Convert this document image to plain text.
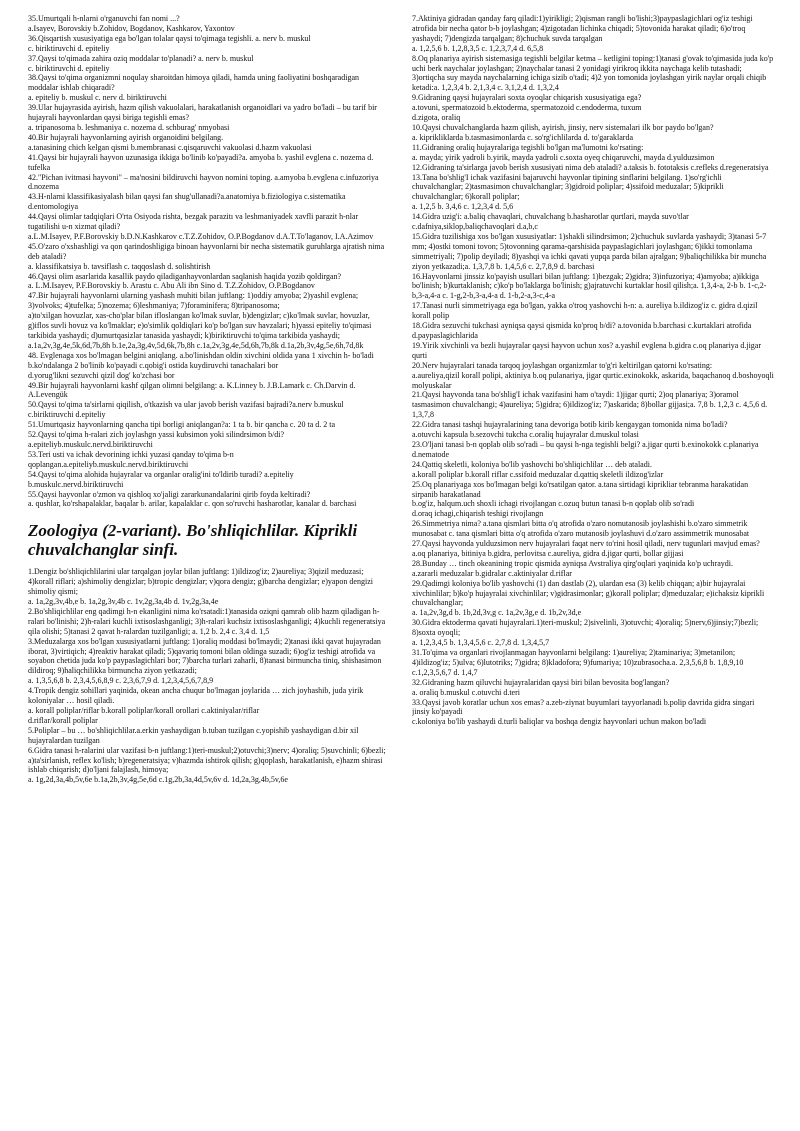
35.Umurtqali h-nlarni o'rganuvchi fan nomi ...?

a.Isayev, Borovskiy b.Zohidov, Bogdanov, Kashkarov, Yaxontov

36.Qisqartish xususiyatiga ega bo'lgan tolalar qaysi to'qimaga tegishli. a. nerv b. muskul

c. biriktiruvchi d. epiteliy

37.Qaysi to'qimada zahira oziq moddalar to'planadi? a. nerv b. muskul

c. biriktiruvchi d. epiteliy

38.Qaysi to'qima organizmni noqulay sharoitdan himoya qiladi, hamda uning faoliyatini boshqaradigan moddalar ishlab chiqaradi?

a. epiteliy b. muskul c. nerv d. biriktiruvchi

39.Ular hujayrasida ayirish, hazm qilish vakuolalari, harakatlanish organoidlari va yadro bo'ladi – bu tarif bir hujayrali hayvonlardan qaysi biriga tegishli emas?

a. tripanosoma b. leshmaniya c. nozema d. schburag' nmyobasi

40.Bir hujayrali hayvonlarning ayirish organoidini belgilang.

a.tanasining chich kelgan qismi b.membranasi c.qisqaruvchi vakuolasi d.hazm vakuolasi

41.Qaysi bir hujayrali hayvon uzunasiga ikkiga bo'linib ko'payadi?a. amyoba b. yashil evglena c. nozema d. tufelka

42."Pichan ivitmasi hayvoni" – ma'nosini bildiruvchi hayvon nomini toping. a.amyoba b.evglena c.infuzoriya d.nozema

43.H-nlarni klassifikasiyalash bilan qaysi fan shug'ullanadi?a.anatomiya b.fiziologiya c.sistematika d.entomologiya

44.Qaysi olimlar tadqiqlari O'rta Osiyoda rishta, bezgak parazitı va leshmaniyadek xavfli parazit h-nlar tugatilishi u-n xizmat qiladi?

a.L.M.Isayev, P.F.Borovskiy b.D.N.Kashkarov c.T.Z.Zohidov, O.P.Bogdanov d.A.T.To'laganov, I.A.Azimov

45.O'zaro o'xshashligi va qon qarindoshligiga binoan hayvonlarni bir necha sistematik guruhlarga ajratish nima deb ataladi?

a. klassifikatsiya b. tavsiflash c. taqqoslash d. solishtirish

46.Qaysi olim asarlarida kasallik paydo qiladiganhayvonlardan saqlanish haqida yozib qoldirgan?

a. L.M.Isayev, P.F.Borovskiy b. Arastu c. Abu Ali ibn Sino d. T.Z.Zohidov, O.P.Bogdanov

47.Bir hujayrali hayvonlarni ularning yashash muhiti bilan juftlang: 1)oddiy amyoba; 2)yashil evglena; 3)volvoks; 4)tufelka; 5)nozema; 6)leshmaniya; 7)foraminifera; 8)tripanosoma;

a)to'xilgan hovuzlar, xas-cho'plar bilan ifloslangan ko'lmak suvlar, b)dengizlar; c)ko'lmak suvlar, hovuzlar, g)iflos suvli hovuz va ko'lmaklar; e)o'simlik qoldiqlari ko'p bo'lgan suv havzalari; h)yassi epiteliy to'qimasi tarkibida yashaydi; d)umurtqasizlar tanasida yashaydi; k)biriktiruvchi to'qima tarkibida yashaydi;

a.1a,2v,3g,4e,5k,6d,7b,8h b.1e,2a,3g,4v,5d,6k,7b,8h c.1a,2v,3g,4e,5d,6h,7b,8k d.1a,2b,3v,4g,5e,6h,7d,8k

48. Evglenaga xos bo'lmagan belgini aniqlang. a.bo'linishdan oldin xivchini oldida yana 1 xivchin h- bo'ladi

b.ko'ndalanga 2 bo'linib ko'payadi c.qobig'i ostida kuydiruvchi tanachalari bor

d.yorug'likni sezuvchi qizil dog' ko'zchasi bor

49.Bir hujayrali hayvonlarni kashf qilgan olimni belgilang: a. K.Linney b. J.B.Lamark c. Ch.Darvin d. A.Levengük

50.Qaysi to'qima ta'sirlarni qiqilish, o'tkazish va ular javob berish vazifasi bajradi?a.nerv b.muskul c.biriktiruvchi d.epiteliy

51.Umurtqasiz hayvonlarning qancha tipi borligi aniqlangan?a: 1 ta b. bir qancha c. 20 ta d. 2 ta

52.Qaysi to'qima h-ralari zich joylashgn yassi kubsimon yoki silindrsimon b/di?

a.epiteliyb.muskulc.nervd.biriktiruvchi

53.Teri usti va ichak devorining ichki yuzasi qanday to'qima b-n

qoplangan.a.epiteliyb.muskulc.nervd.biriktiruvchi

54.Qaysi to'qima alohida hujayralar va organlar oralig'ini to'ldirib turadi? a.epiteliy

b.muskulc.nervd.biriktiruvchi

55.Qaysi hayvonlar o'zmon va qishloq xo'jaligi zararkunandalarini qirib foyda keltiradi?

a. qushlar, ko'rshapalaklar, baqalar b. arilar, kapalaklar c. qon so'ruvchi hasharotlar, kanalar d. barchasi

Zoologiya (2-variant). Bo'shliqichlilar. Kiprikli chuvalchanglar sinfi.

1.Dengiz bo'shliqichlilarini ular tarqalgan joylar bilan juftlang: 1)ildizog'iz; 2)aureliya; 3)qizil meduzasi; 4)korall riflari; a)shimoliy dengizlar; b)tropic dengizlar; v)qora dengiz; g)barcha dengizlar; e)yapon dengizi shimoliy qismi;

a. 1a,2g,3v,4b,e b. 1a,2g,3v,4b c. 1v,2g,3a,4b d. 1v,2g,3a,4e

2.Bo'shliqichlilar eng qadimgi h-n ekanligini nima ko'rsatadi:1)tanasida oziqni qamrab olib hazm qiladigan h-ralari bo'linishi; 2)h-ralari kuchli ixtisoslashganligi; 3)h-ralari kuchsiz ixtisoslashganligi; 4)kuchli regeneratsiya qila olishi; 5)tanasi 2 qavat h-ralardan tuzilganligi; a. 1,2 b. 2,4 c. 3,4 d. 1,5

3.Meduzalarga xos bo'lgan xususiyatlarni juftlang: 1)oraliq moddasi bo'lmaydi; 2)tanasi ikki qavat hujayradan iborat, 3)virtiqich; 4)reaktiv harakat qiladi; 5)qavariq tomoni bilan oldinga suzadi; 6)og'iz teshigi atrofida va soyabon chetida juda ko'p paypaslagichlari bor; 7)barcha turlari zaharli, 8)tanasi birmuncha tiniq, shishasimon dildiroq; 9)haliqchilikka birmuncha ziyon yetkazadi;

a. 1,3,5,6,8 b. 2,3,4,5,6,8,9 c. 2,3,6,7,9 d. 1,2,3,4,5,6,7,8,9

4.Tropik dengiz sohillari yaqinida, okean ancha chuqur bo'lmagan joylarida … zich joyhashib, juda yirik koloniyalar … hosil qiladi.

a. korall poliplar/riflar b.korall poliplar/korall orollari c.aktiniyalar/riflar

d.riflar/korall poliplar

5.Poliplar – bu … bo'shliqichlilar.a.erkin yashaydigan b.tuban tuzilgan c.yopishib yashaydigan d.bir xil hujayralardan tuzilgan

6.Gidra tanasi h-ralarini ular vazifasi b-n juftlang:1)teri-muskul;2)otuvchi;3)nerv; 4)oraliq; 5)suvchinli; 6)bezli; a)ta'sirlanish, reflex ko'lish; b)regeneratsiya; v)hazmda ishtirok qilish; g)qoplash, harakatlanish, e)hazm shirasi ishlab chiqarish; d)o'ljani falajlash, himoya;

a. 1g,2d,3a,4b,5v,6e b.1a,2b,3v,4g,5e,6d c.1g,2b,3a,4d,5v,6v d. 1d,2a,3g,4b,5v,6e

7.Aktiniya gidradan qanday farq qiladi:1)yirikligi; 2)qisman rangli bo'lishi;3)paypaslagichlari og'iz teshigi atrofida bir necha qator b-b joylashgan; 4)zigotadan lichinka chiqadi; 5)tovonida harakat qiladi; 6)o'troq yashaydi; 7)dengizda tarqalgan; 8)chuchuk suvda tarqalgan

a. 1,2,5,6 b. 1,2,8,3,5 c. 1,2,3,7,4 d. 6,5,8

8.Oq planariya ayirish sistemasiga tegishli belgilar ketma – ketligini toping:1)tanasi g'ovak to'qimasida juda ko'p uchi berk naychalar joylashgan; 2)naychalar tanasi 2 yonidagi yirikroq ikkita naychaga kelib tutashadi; 3)ortiqcha suy mayda naychalarning ichiga sizib o'tadi; 4)2 yon tomonida joylashgan yirik naylar orqali chiqib ketadi:a. 1,2,3,4 b. 2,1,3,4 c. 3,1,2,4 d. 1,3,2,4

9.Gidraning qaysi hujayralari soxta oyoqlar chiqarish xususiyatiga ega?

a.tovuni, spermatozoid b.ektoderma, spermatozoid c.endoderma, tuxum

d.zigota, oraliq

10.Qaysi chuvalchanglarda hazm qilish, ayirish, jinsiy, nerv sistemalari ilk bor paydo bo'lgan?

a. kiprikliklarda b.tasmasimonlarda c. so'rg'ichlilarda d. to'garaklarda

11.Gidraning oraliq hujayralariga tegishli bo'lgan ma'lumotni ko'rsating:

a. mayda; yirik yadroli b.yirik, mayda yadroli c.soxta oyeq chiqaruvchi, mayda d.yulduzsimon

12.Gidraning ta'sirlarga javob berish xususiyati nima deb ataladi? a.taksis b. fototaksis c.refleks d.regeneratsiya

13.Tana bo'shlig'I ichak vazifasini bajaruvchi hayvonlar tipining sinflarini belgilang. 1)so'rg'ichli chuvalchanglar; 2)tasmasimon chuvalchanglar; 3)gidroid poliplar; 4)ssifoid meduzalar; 5)kiprikli chuvalchanglar; 6)korall poliplar;

a. 1,2,5 b. 3,4,6 c. 1,2,3,4 d. 5,6

14.Gidra uzig'i: a.baliq chavaqlari, chuvalchang b.hasharotlar qurtlari, mayda suvo'tlar c.dafniya,siklop,baliqchavoqlari d.a,b,c

15.Gidra tuzilishiga xos bo'lgan xususiyatlar: 1)shakli silindrsimon; 2)chuchuk suvlarda yashaydi; 3)tanasi 5-7 mm; 4)ostki tomoni tovon; 5)tovonning qarama-qarshisida paypaslagichlari joylashgan; 6)ikki tomonlama simmetriyali; 7)polip deyiladi; 8)yashqi va ichki qavati yupqa parda bilan ajralgan; 9)baliqchilikka bir muncha ziyon yetkazadi;a. 1,3,7,8 b. 1,4,5,6 c. 2,7,8,9 d. barchasi

16.Hayvonlarni jinssiz ko'payish usullari bilan juftlang: 1)bezgak; 2)gidra; 3)infuzoriya; 4)amyoba; a)ikkiga bo'linish; b)kurtaklanish; c)ko'p bo'laklarga bo'linish; g)ajratuvchi kurtaklar hosil qilish;a. 1,3,4-a, 2-b b. 1-c,2-b,3-a,4-a c. 1-g,2-b,3-a,4-a d. 1-b,2-a,3-c,4-a

17.Tanasi nurli simmetriyaga ega bo'lgan, yakka o'troq yashovchi h-n: a. aureliya b.ildizog'iz c. gidra d.qizil korall polip

18.Gidra sezuvchi tukchasi ayniqsa qaysi qismida ko'proq b/di? a.tovonida b.barchasi c.kurtaklari atrofida d.paypaslagichlarida

19.Yirik xivchinli va bezli hujayralar qaysi hayvon uchun xos? a.yashil evglena b.gidra c.oq planariya d.jigar qurti

20.Nerv hujayralari tanada tarqoq joylashgan organizmlar to'g'ri keltirilgan qatorni ko'rsating:

a.aureliya,qizil korall polipi, aktiniya b.oq pulanariya, jigar qurtic.exinokokk, askarida, baqachanoq d.boshoyoqli molyuskalar

21.Qaysi hayvonda tana bo'shlig'I ichak vazifasini ham o'taydi: 1)jigar qurti; 2)oq planariya; 3)oramol tasmasimon chuvalchangi; 4)aureliya; 5)gidra; 6)ildizog'iz; 7)askarida; 8)bollar gijjasi;a. 7,8 b. 1,2,3 c. 4,5,6 d. 1,3,7,8

22.Gidra tanasi tashqi hujayralarining tana devoriga botib kirib kengaygan tomonida nima bo'ladi?

a.otuvchi kapsula b.sezovchi tukcha c.oraliq hujayralar d.muskul tolasi

23.O'ljani tanasi b-n qoplab olib so'radi – bu qaysi h-nga tegishli belgi? a.jigar qurti b.exinokokk c.planariya d.nematode

24.Qattiq skeletli, koloniya bo'lib yashovchi bo'shliqichlilar … deb ataladi.

a.korall poliplar b.korall riflar c.ssifoid meduzalar d.qattiq skeletli ildizog'izlar

25.Oq planariyaga xos bo'lmagan belgi ko'rsatilgan qator. a.tana sirtidagi kiprikliar tebranma harakatidan sirpanib harakatlanad

b.og'iz, halqum.uch shoxli ichagi rivojlangan c.ozuq butun tanasi b-n qoplab olib so'radi

d.oraq ichagi,chiqarish teshigi rivojlangn

26.Simmetriya nima? a.tana qismlari bitta o'q atrofida o'zaro nomutanosib joylashishi b.o'zaro simmetrik munosabat c. tana qismlari bitta o'q atrofida o'zaro mutanosib joylashuvi d.o'zaro assimmetrik munosabat

27.Qaysi hayvonda yulduzsimon nerv hujayralari faqat nerv to'rini hosil qiladi, nerv tugunlari mavjud emas?

a.oq planariya, bitiniya b.gidra, perlovitsa c.aureliya, gidra d.jigar qurti, bollar gijjasi

28.Bunday … tinch okeanining tropic qismida ayniqsa Avstraliya qirg'oqlari yaqinida ko'p uchraydi.

a.zararli meduzalar b.gidralar c.aktiniyalar d.riflar

29.Qadimgi koloniya bo'lib yashovchi (1) dan dastlab (2), ulardan esa (3) kelib chiqqan; a)bir hujayralai xivchinlilar; b)ko'p hujayralai xivchinlilar; v)gidrasimonlar; g)korall poliplar; d)meduzalar; e)ichaksiz kiprikli chuvalchanglar;

a. 1a,2v,3g,d b. 1b,2d,3v,g c. 1a,2v,3g,e d. 1b,2v,3d,e

30.Gidra ektoderma qavati hujayralari.1)teri-muskul; 2)sivelinli, 3)otuvchi; 4)oraliq; 5)nerv,6)jinsiy;7)bezli; 8)soxta oyoqli;

a. 1,2,3,4,5 b. 1,3,4,5,6 c. 2,7,8 d. 1,3,4,5,7

31.To'qima va organlari rivojlanmagan hayvonlarni belgilang: 1)aureliya; 2)taminariya; 3)metanilon; 4)ildizog'iz; 5)ulva; 6)lutotriks; 7)gidra; 8)kladofora; 9)fumariya; 10)zubrasocha.a. 2,3,5,6,8 b. 1,8,9,10 c.1,2,3,5,6,7 d. 1,4,7

32.Gidraning hazm qiluvchi hujayralaridan qaysi biri bilan bevosita bog'langan?

a. oraliq b.muskul c.otuvchi d.teri

33.Qaysi javob koratlar uchun xos emas? a.zeb-ziynat buyumlari tayyorlanadi b.polip davrida gidra singari jinsiy ko'payadi

c.koloniya bo'lib yashaydi d.turli baliqlar va boshqa dengiz hayvonlari uchun makon bo'ladi
